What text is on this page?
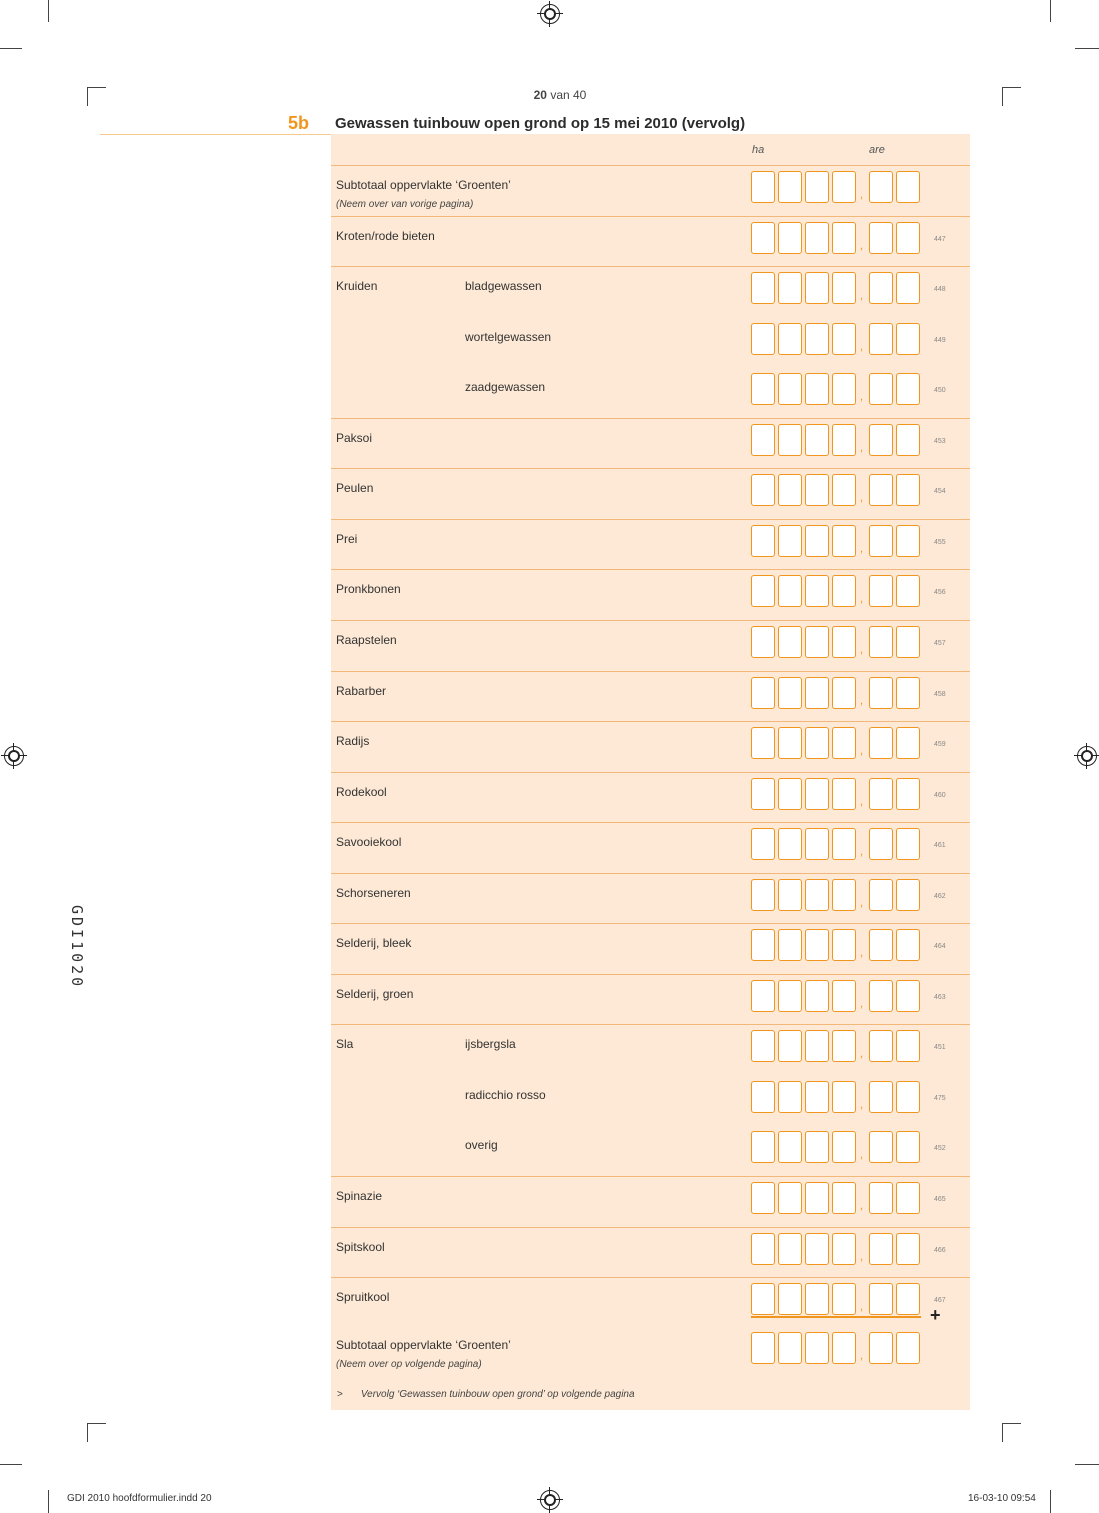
20 van 40
5b Gewassen tuinbouw open grond op 15 mei 2010 (vervolg)
ha	are
Subtotaal oppervlakte ‘Groenten’
(Neem over van vorige pagina)
,
Kroten/rode bieten	447
,
Kruiden	bladgewassen	448
,
wortelgewassen	449
,
zaadgewassen	450
,
Paksoi	453
,
Peulen	454
,
Prei	455
,
Pronkbonen	456
,
Raapstelen	457
,
Rabarber	458
,
Radijs	459
,
Rodekool	460
,
Savooiekool	461
,
Schorseneren	462
,
Selderij, bleek	464
,
Selderij, groen	463
,
Sla	ijsbergsla	451
,
radicchio rosso	475
,
overig	452
,
Spinazie	465
,
Spitskool	466
,
Spruitkool	467
,	+
Subtotaal oppervlakte ‘Groenten’
(Neem over op volgende pagina)
,
> Vervolg ‘Gewassen tuinbouw open grond’ op volgende pagina
GDI1020
GDI 2010 hoofdformulier.indd 20	16-03-10 09:54
